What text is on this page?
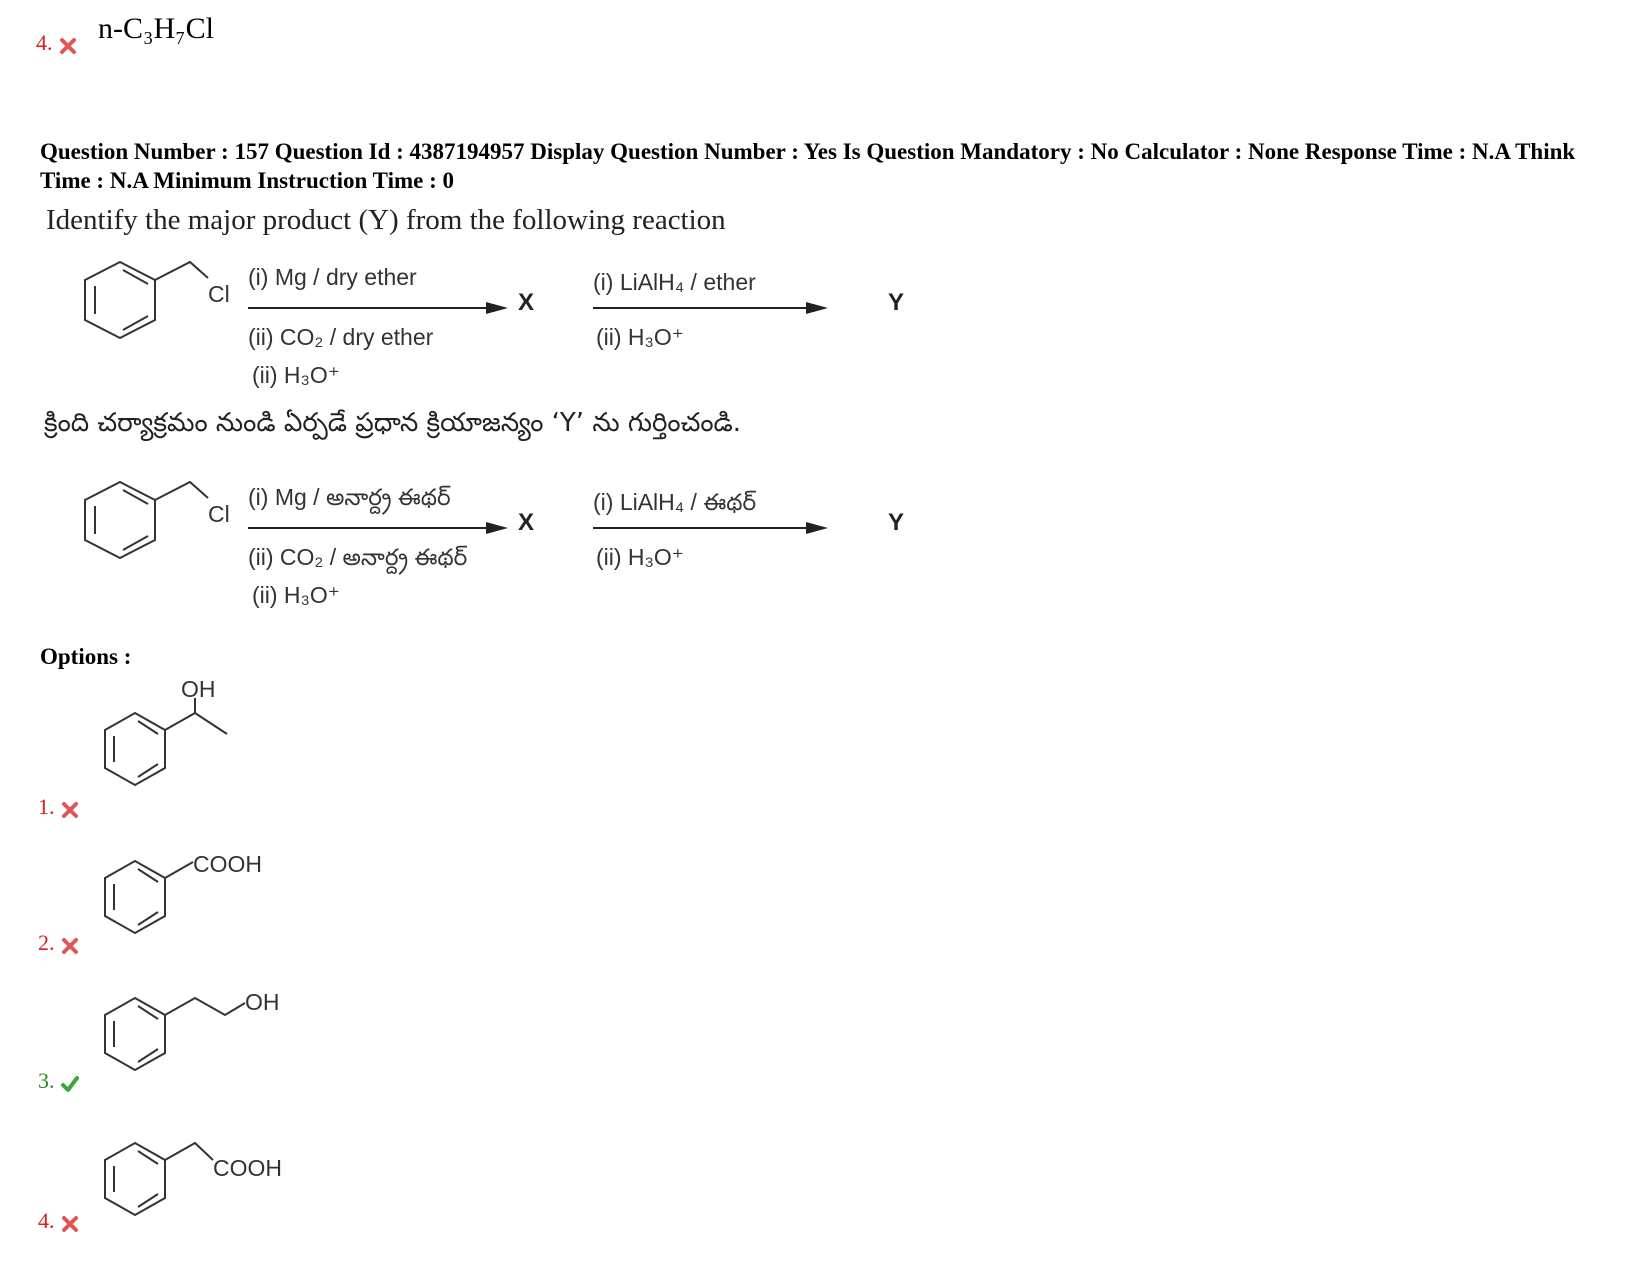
4.	n-C₃H₇Cl
Question Number : 157 Question Id : 4387194957 Display Question Number : Yes Is Question Mandatory : No Calculator : None Response Time : N.A Think Time : N.A Minimum Instruction Time : 0
Identify the major product (Y) from the following reaction
Cl
(i) Mg / dry ether
(ii) CO₂ / dry ether
(ii) H₃O⁺
X
(i) LiAlH₄ / ether
(ii) H₃O⁺
Y
క్రింది చర్యాక్రమం నుండి ఏర్పడే ప్రధాన క్రియాజన్యం ‘Y’ ను గుర్తించండి.
Cl
(i) Mg / అనార్ద్ర ఈథర్
(ii) CO₂ / అనార్ద్ర ఈథర్
(ii) H₃O⁺
X
(i) LiAlH₄ / ఈథర్
(ii) H₃O⁺
Y
Options :
1.
OH
2.
COOH
3.
OH
4.
COOH
